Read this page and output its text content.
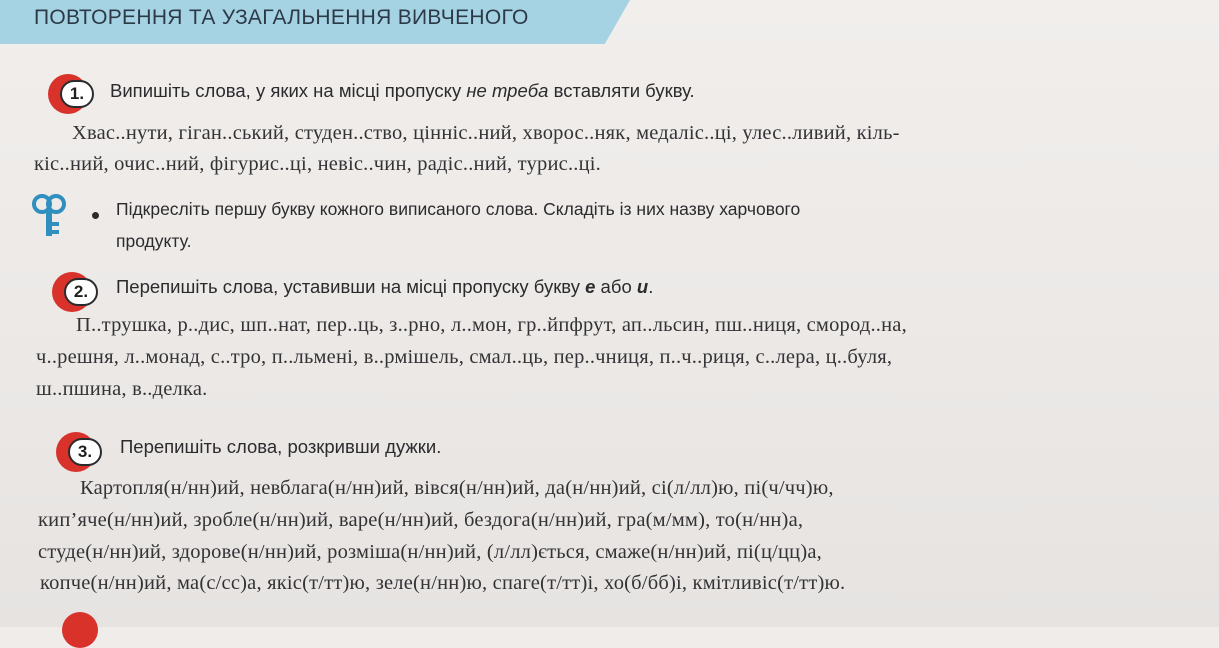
ПОВТОРЕННЯ ТА УЗАГАЛЬНЕННЯ ВИВЧЕНОГО
1.	Випишіть слова, у яких на місці пропуску не треба вставляти букву.
Хвас..нути, гіган..ський, студен..ство, цінніс..ний, хворос..няк, медаліс..ці, улес..ливий, кіль-
кіс..ний, очис..ний, фігурис..ці, невіс..чин, радіс..ний, турис..ці.
Підкресліть першу букву кожного виписаного слова. Складіть із них назву харчового
продукту.
2.	Перепишіть слова, уставивши на місці пропуску букву е або и.
П..трушка, р..дис, шп..нат, пер..ць, з..рно, л..мон, гр..йпфрут, ап..льсин, пш..ниця, смород..на,
ч..решня, л..монад, с..тро, п..льмені, в..рмішель, смал..ць, пер..чниця, п..ч..риця, с..лера, ц..буля,
ш..пшина, в..делка.
3.	Перепишіть слова, розкривши дужки.
Картопля(н/нн)ий, невблага(н/нн)ий, вівся(н/нн)ий, да(н/нн)ий, сі(л/лл)ю, пі(ч/чч)ю,
кип’яче(н/нн)ий, зробле(н/нн)ий, варе(н/нн)ий, бездога(н/нн)ий, гра(м/мм), то(н/нн)а,
студе(н/нн)ий, здорове(н/нн)ий, розміша(н/нн)ий, (л/лл)ється, смаже(н/нн)ий, пі(ц/цц)а,
копче(н/нн)ий, ма(с/сс)а, якіс(т/тт)ю, зеле(н/нн)ю, спаге(т/тт)і, хо(б/бб)і, кмітливіс(т/тт)ю.
